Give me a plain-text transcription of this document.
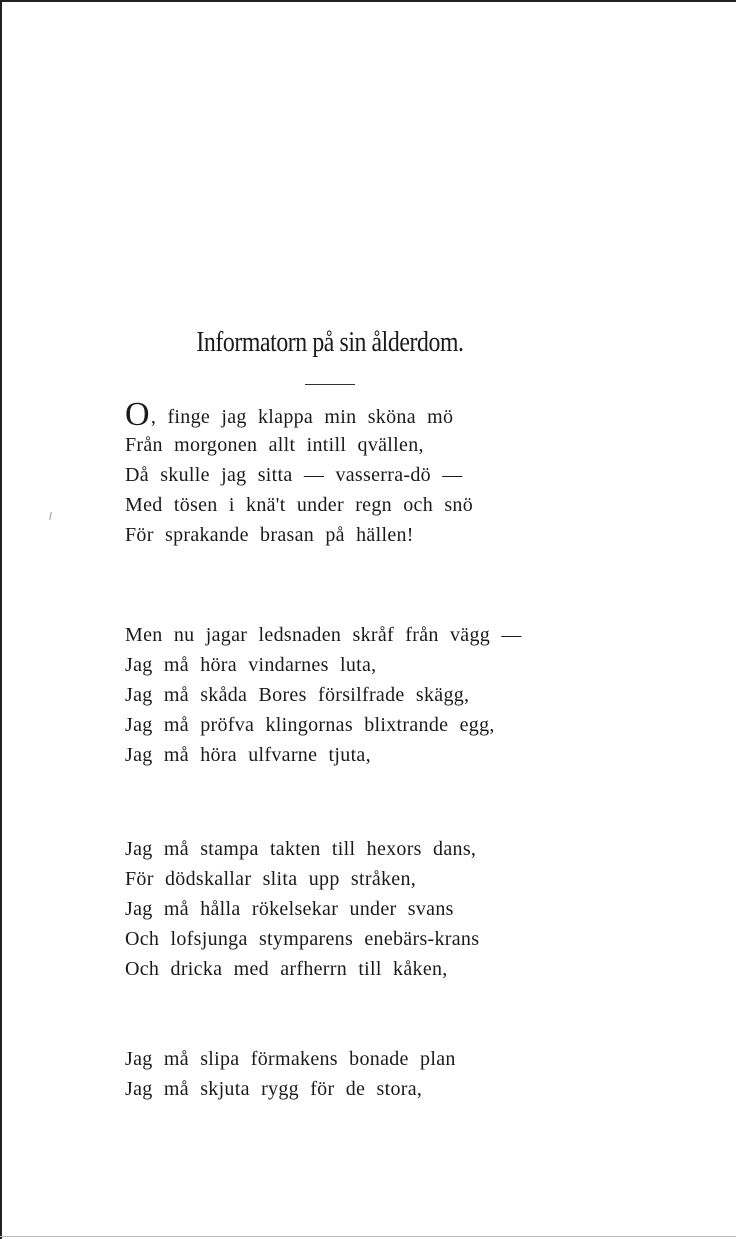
Informatorn på sin ålderdom.
O, finge jag klappa min sköna mö
Från morgonen allt intill qvällen,
Då skulle jag sitta — vasserra-dö —
Med tösen i knä't under regn och snö
För sprakande brasan på hällen!
Men nu jagar ledsnaden skråf från vägg —
Jag må höra vindarnes luta,
Jag må skåda Bores försilfrade skägg,
Jag må pröfva klingornas blixtrande egg,
Jag må höra ulfvarne tjuta,
Jag må stampa takten till hexors dans,
För dödskallar slita upp stråken,
Jag må hålla rökelsekar under svans
Och lofsjunga stymparens enebärs-krans
Och dricka med arfherrn till kåken,
Jag må slipa förmakens bonade plan
Jag må skjuta rygg för de stora,
